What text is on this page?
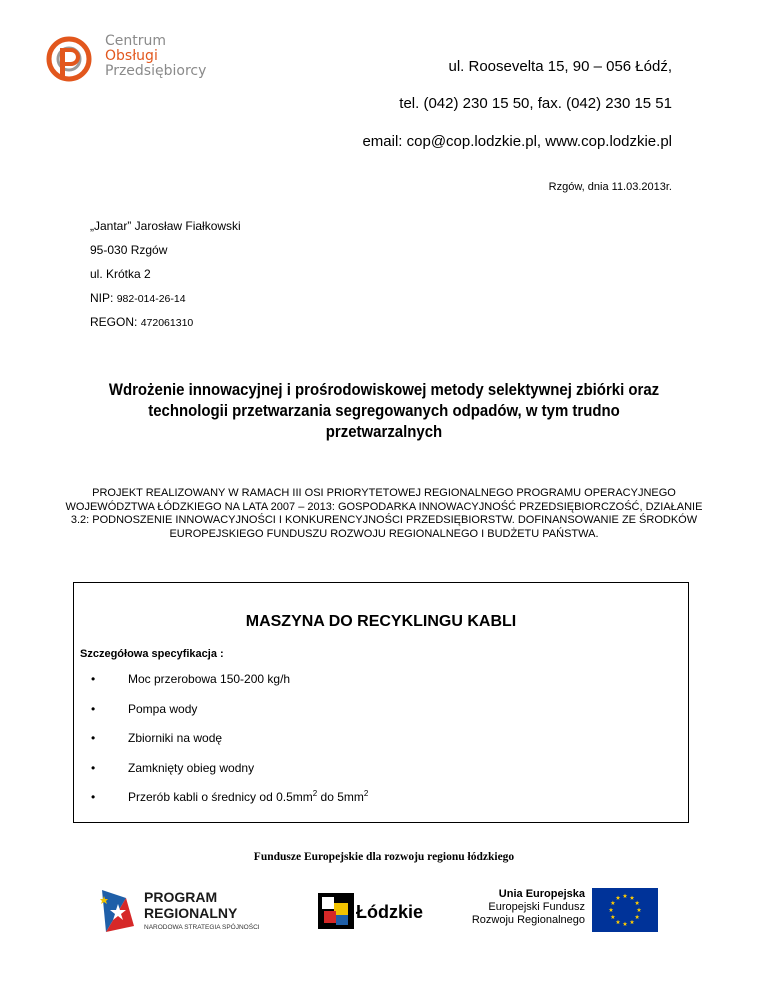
Centrum
Obsługi
Przedsiębiorcy	ul. Roosevelta 15, 90 – 056 Łódź,
tel. (042) 230 15 50, fax. (042) 230 15 51
email: cop@cop.lodzkie.pl, www.cop.lodzkie.pl
Rzgów, dnia 11.03.2013r.
„Jantar” Jarosław Fiałkowski
95-030 Rzgów
ul. Krótka 2
NIP: 982-014-26-14
REGON: 472061310
Wdrożenie innowacyjnej i prośrodowiskowej metody selektywnej zbiórki oraz technologii przetwarzania segregowanych odpadów, w tym trudno przetwarzalnych
PROJEKT REALIZOWANY W RAMACH III OSI PRIORYTETOWEJ REGIONALNEGO PROGRAMU OPERACYJNEGO WOJEWÓDZTWA ŁÓDZKIEGO NA LATA 2007 – 2013: GOSPODARKA INNOWACYJNOŚĆ PRZEDSIĘBIORCZOŚĆ, DZIAŁANIE 3.2: PODNOSZENIE INNOWACYJNOŚCI I KONKURENCYJNOŚCI PRZEDSIĘBIORSTW. DOFINANSOWANIE ZE ŚRODKÓW EUROPEJSKIEGO FUNDUSZU ROZWOJU REGIONALNEGO I BUDŻETU PAŃSTWA.
MASZYNA DO RECYKLINGU KABLI
Szczegółowa specyfikacja :
•	Moc przerobowa 150-200 kg/h
•	Pompa wody
•	Zbiorniki na wodę
•	Zamknięty obieg wodny
•	Przerób kabli o średnicy od $0.5mm^2$ do $5mm^2$
Fundusze Europejskie dla rozwoju regionu łódzkiego
PROGRAM
REGIONALNY
NARODOWA STRATEGIA SPÓJNOŚCI
Łódzkie
Unia Europejska
Europejski Fundusz
Rozwoju Regionalnego
